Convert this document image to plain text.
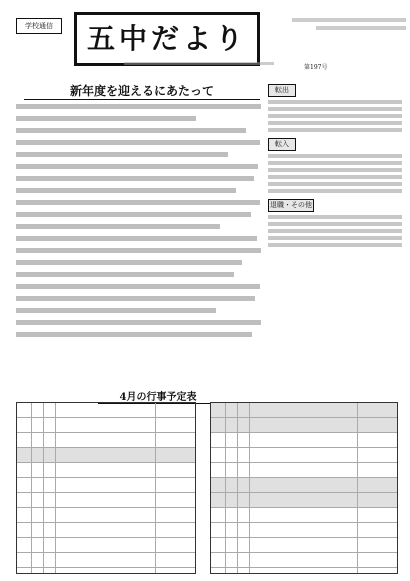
学校通信	五中だより
第197号
新年度を迎えるにあたって	転出
転入
退職・その他
4月の行事予定表
